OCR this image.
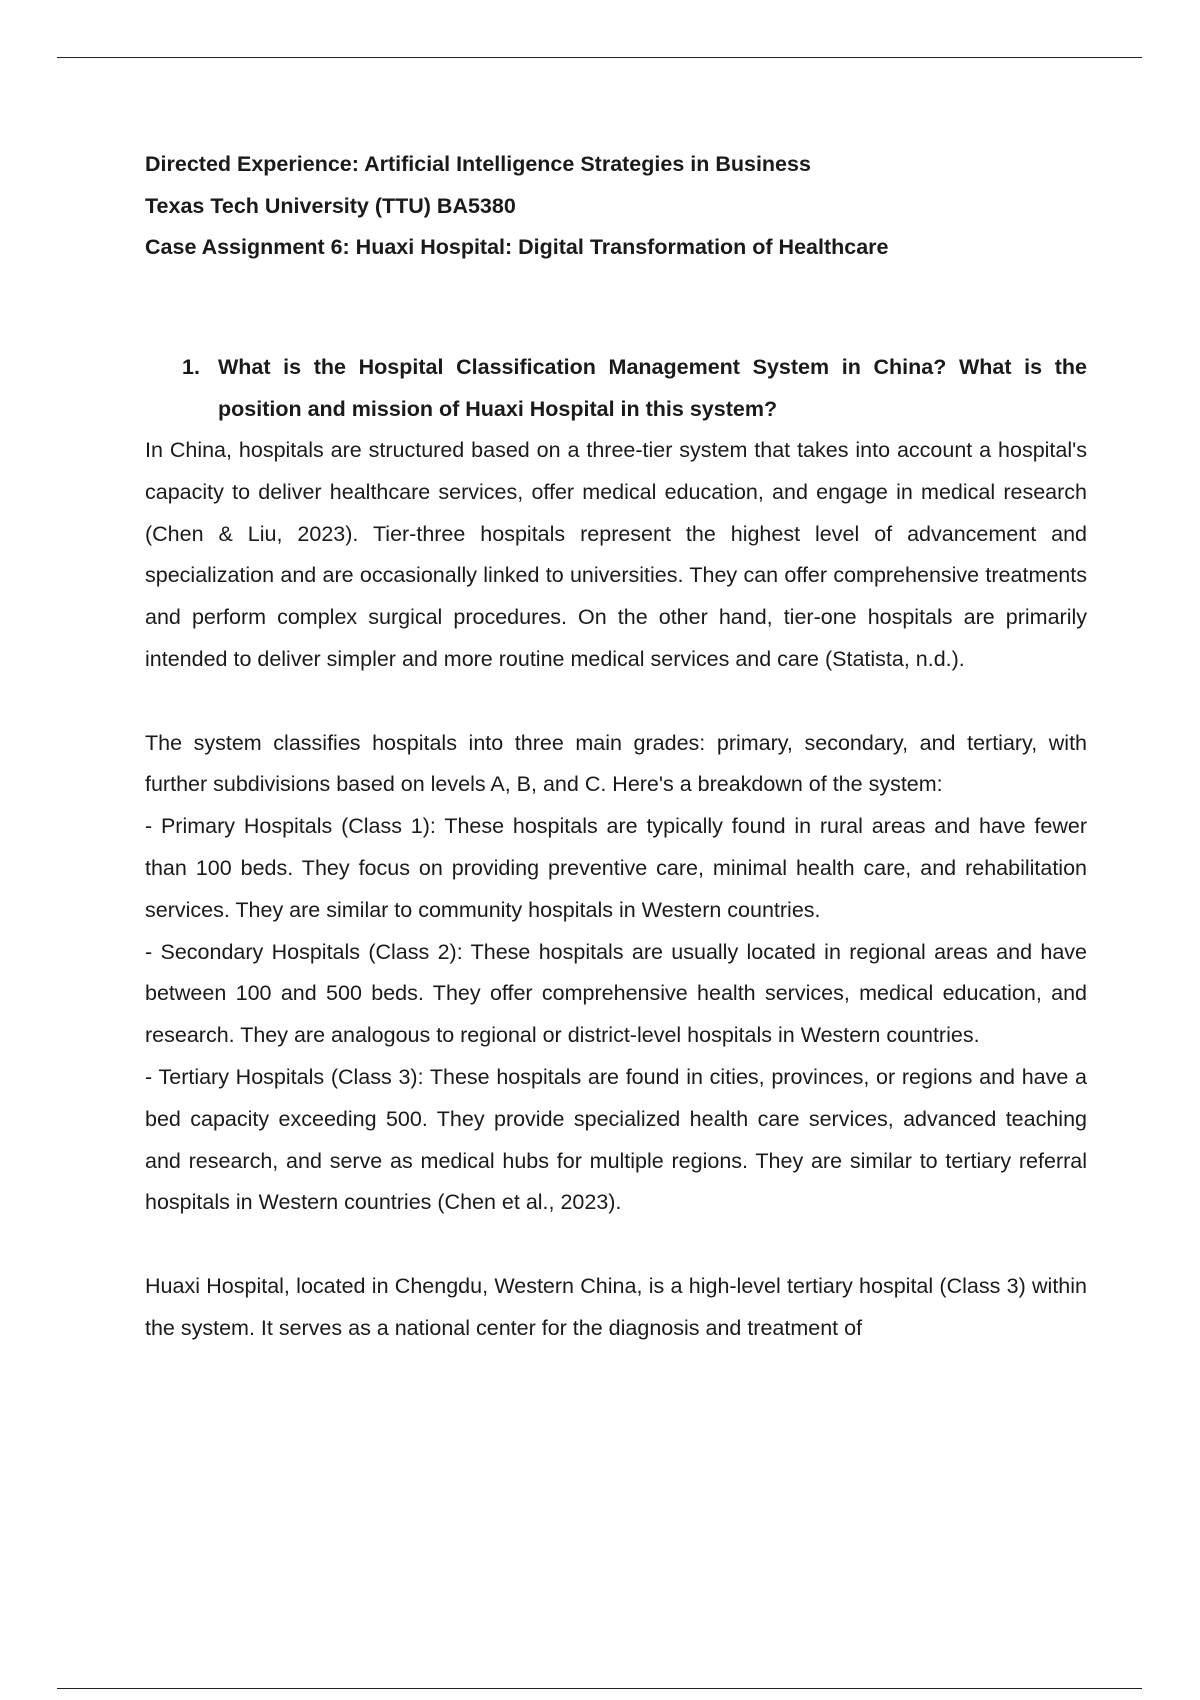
Directed Experience: Artificial Intelligence Strategies in Business
Texas Tech University (TTU) BA5380
Case Assignment 6: Huaxi Hospital: Digital Transformation of Healthcare
1. What is the Hospital Classification Management System in China? What is the position and mission of Huaxi Hospital in this system?

In China, hospitals are structured based on a three-tier system that takes into account a hospital's capacity to deliver healthcare services, offer medical education, and engage in medical research (Chen & Liu, 2023). Tier-three hospitals represent the highest level of advancement and specialization and are occasionally linked to universities. They can offer comprehensive treatments and perform complex surgical procedures. On the other hand, tier-one hospitals are primarily intended to deliver simpler and more routine medical services and care (Statista, n.d.).

The system classifies hospitals into three main grades: primary, secondary, and tertiary, with further subdivisions based on levels A, B, and C. Here's a breakdown of the system:

- Primary Hospitals (Class 1): These hospitals are typically found in rural areas and have fewer than 100 beds. They focus on providing preventive care, minimal health care, and rehabilitation services. They are similar to community hospitals in Western countries.

- Secondary Hospitals (Class 2): These hospitals are usually located in regional areas and have between 100 and 500 beds. They offer comprehensive health services, medical education, and research. They are analogous to regional or district-level hospitals in Western countries.

- Tertiary Hospitals (Class 3): These hospitals are found in cities, provinces, or regions and have a bed capacity exceeding 500. They provide specialized health care services, advanced teaching and research, and serve as medical hubs for multiple regions. They are similar to tertiary referral hospitals in Western countries (Chen et al., 2023).

Huaxi Hospital, located in Chengdu, Western China, is a high-level tertiary hospital (Class 3) within the system. It serves as a national center for the diagnosis and treatment of
